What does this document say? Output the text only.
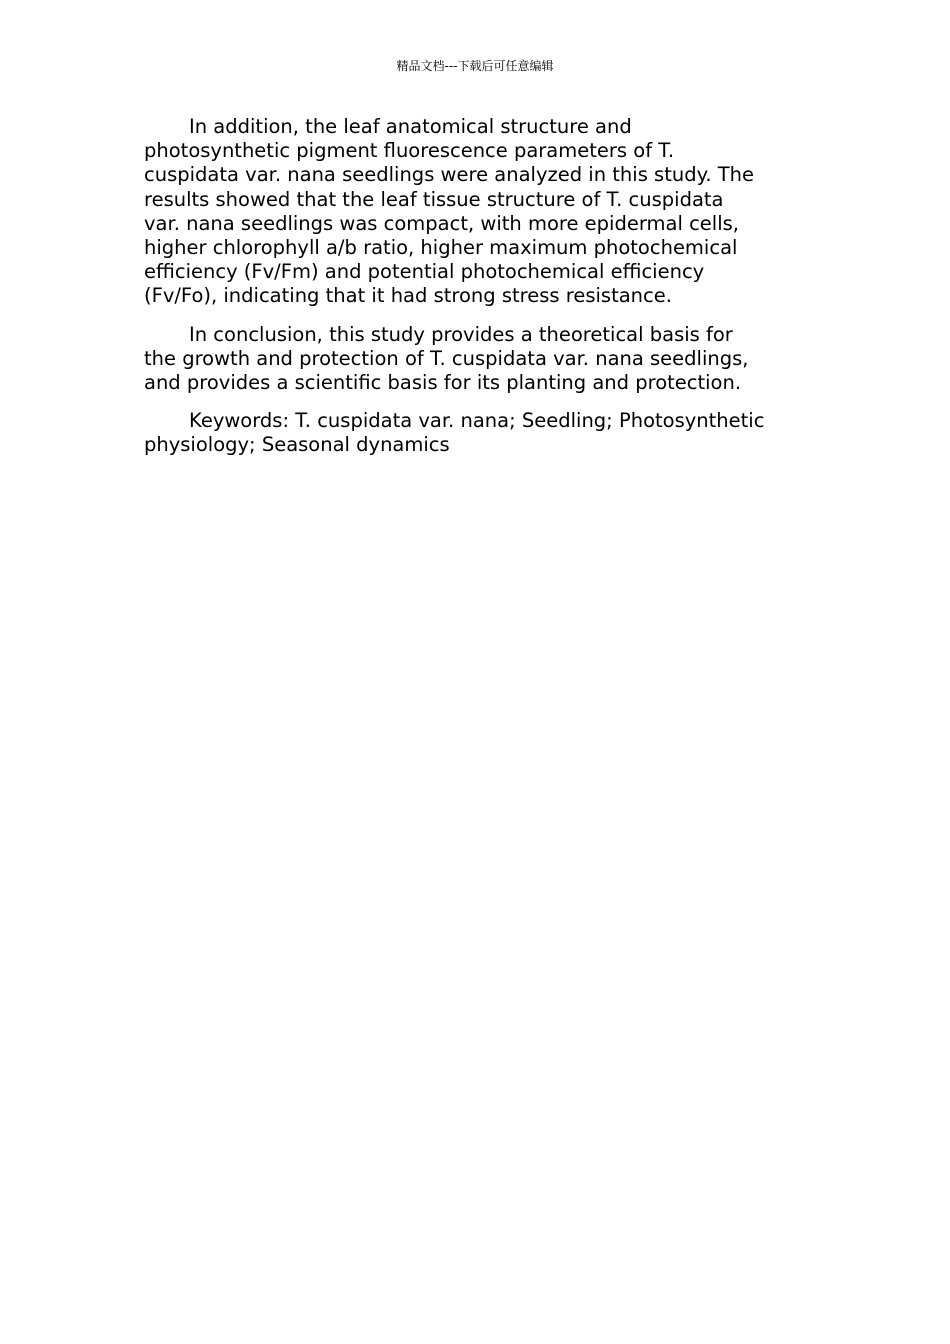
精品文档---下载后可任意编辑

In addition, the leaf anatomical structure and
photosynthetic pigment fluorescence parameters of T.
cuspidata var. nana seedlings were analyzed in this study. The
results showed that the leaf tissue structure of T. cuspidata
var. nana seedlings was compact, with more epidermal cells,
higher chlorophyll a/b ratio, higher maximum photochemical
efficiency (Fv/Fm) and potential photochemical efficiency
(Fv/Fo), indicating that it had strong stress resistance.

In conclusion, this study provides a theoretical basis for
the growth and protection of T. cuspidata var. nana seedlings,
and provides a scientific basis for its planting and protection.

Keywords: T. cuspidata var. nana; Seedling; Photosynthetic
physiology; Seasonal dynamics
